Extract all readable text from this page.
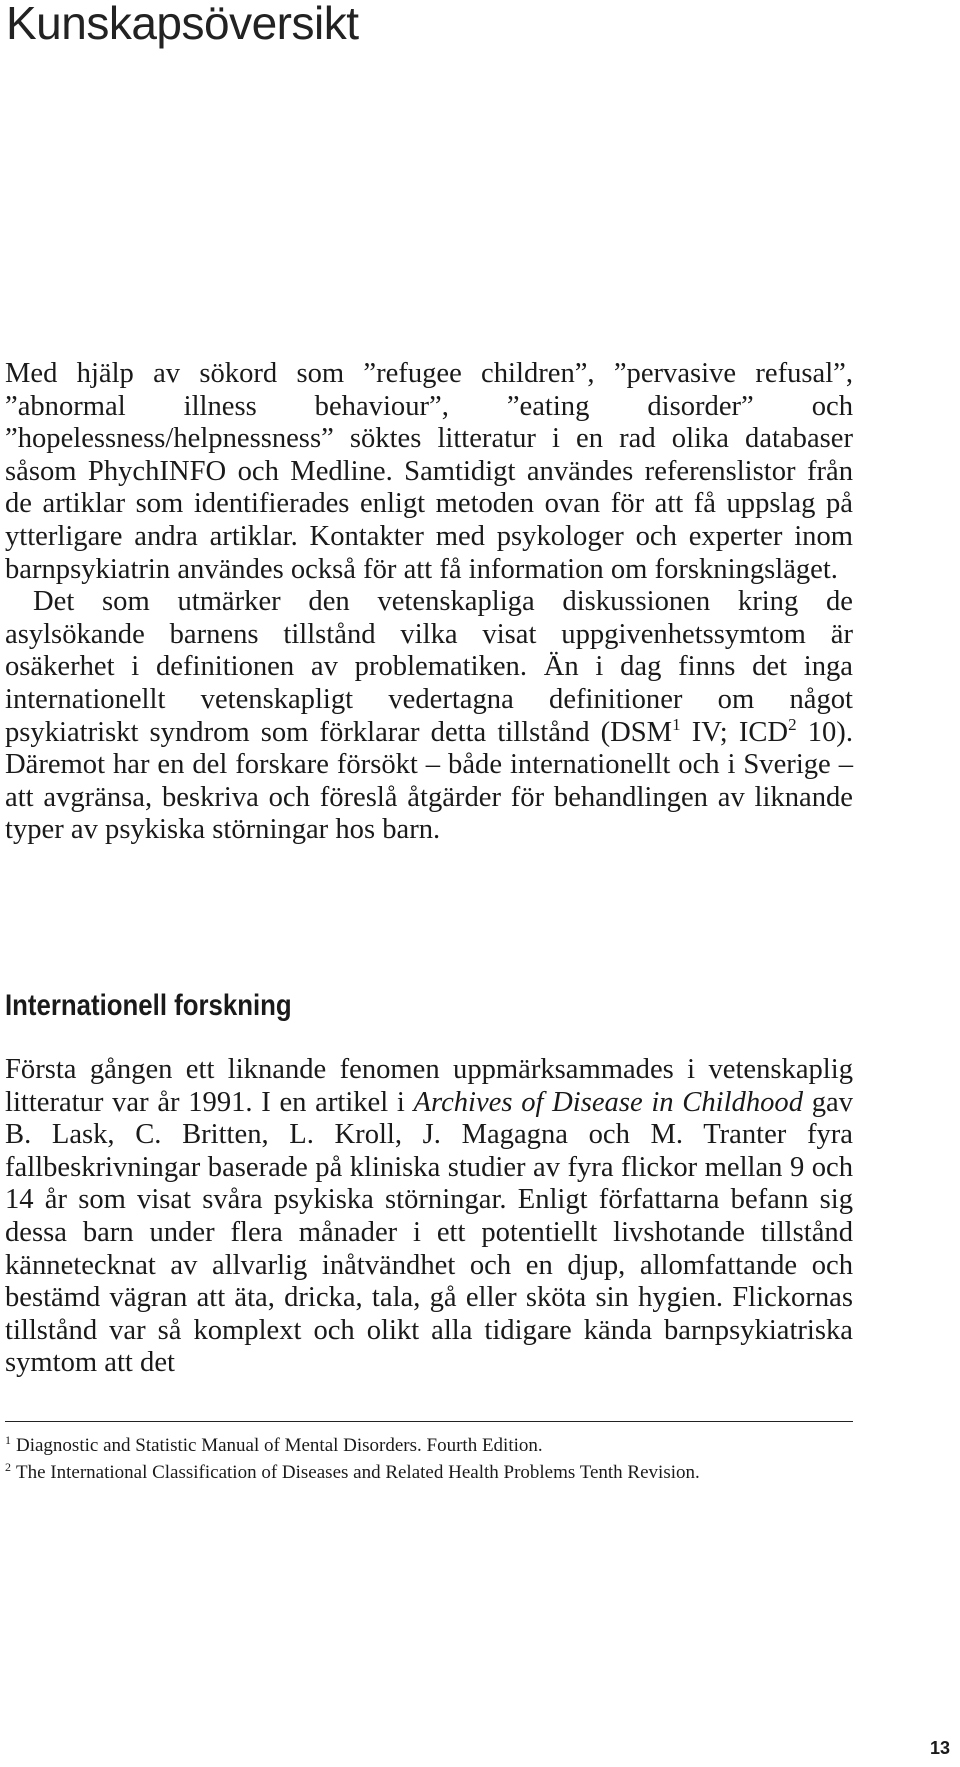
Kunskapsöversikt

Med hjälp av sökord som ”refugee children”, ”pervasive refusal”, ”abnormal illness behaviour”, ”eating disorder” och ”hopelessness/helpnessness” söktes litteratur i en rad olika databaser såsom PhychINFO och Medline. Samtidigt användes referenslistor från de artiklar som identifierades enligt metoden ovan för att få uppslag på ytterligare andra artiklar. Kontakter med psykologer och experter inom barnpsykiatrin användes också för att få information om forskningsläget.

Det som utmärker den vetenskapliga diskussionen kring de asylsökande barnens tillstånd vilka visat uppgivenhetssymtom är osäkerhet i definitionen av problematiken. Än i dag finns det inga internationellt vetenskapligt vedertagna definitioner om något psykiatriskt syndrom som förklarar detta tillstånd (DSM$^1$ IV; ICD$^2$ 10). Däremot har en del forskare försökt – både internationellt och i Sverige – att avgränsa, beskriva och föreslå åtgärder för behandlingen av liknande typer av psykiska störningar hos barn.

Internationell forskning

Första gången ett liknande fenomen uppmärksammades i vetenskaplig litteratur var år 1991. I en artikel i Archives of Disease in Childhood gav B. Lask, C. Britten, L. Kroll, J. Magagna och M. Tranter fyra fallbeskrivningar baserade på kliniska studier av fyra flickor mellan 9 och 14 år som visat svåra psykiska störningar. Enligt författarna befann sig dessa barn under flera månader i ett potentiellt livshotande tillstånd kännetecknat av allvarlig inåtvändhet och en djup, allomfattande och bestämd vägran att äta, dricka, tala, gå eller sköta sin hygien. Flickornas tillstånd var så komplext och olikt alla tidigare kända barnpsykiatriska symtom att det

$^1$ Diagnostic and Statistic Manual of Mental Disorders. Fourth Edition.

$^2$ The International Classification of Diseases and Related Health Problems Tenth Revision.

13
